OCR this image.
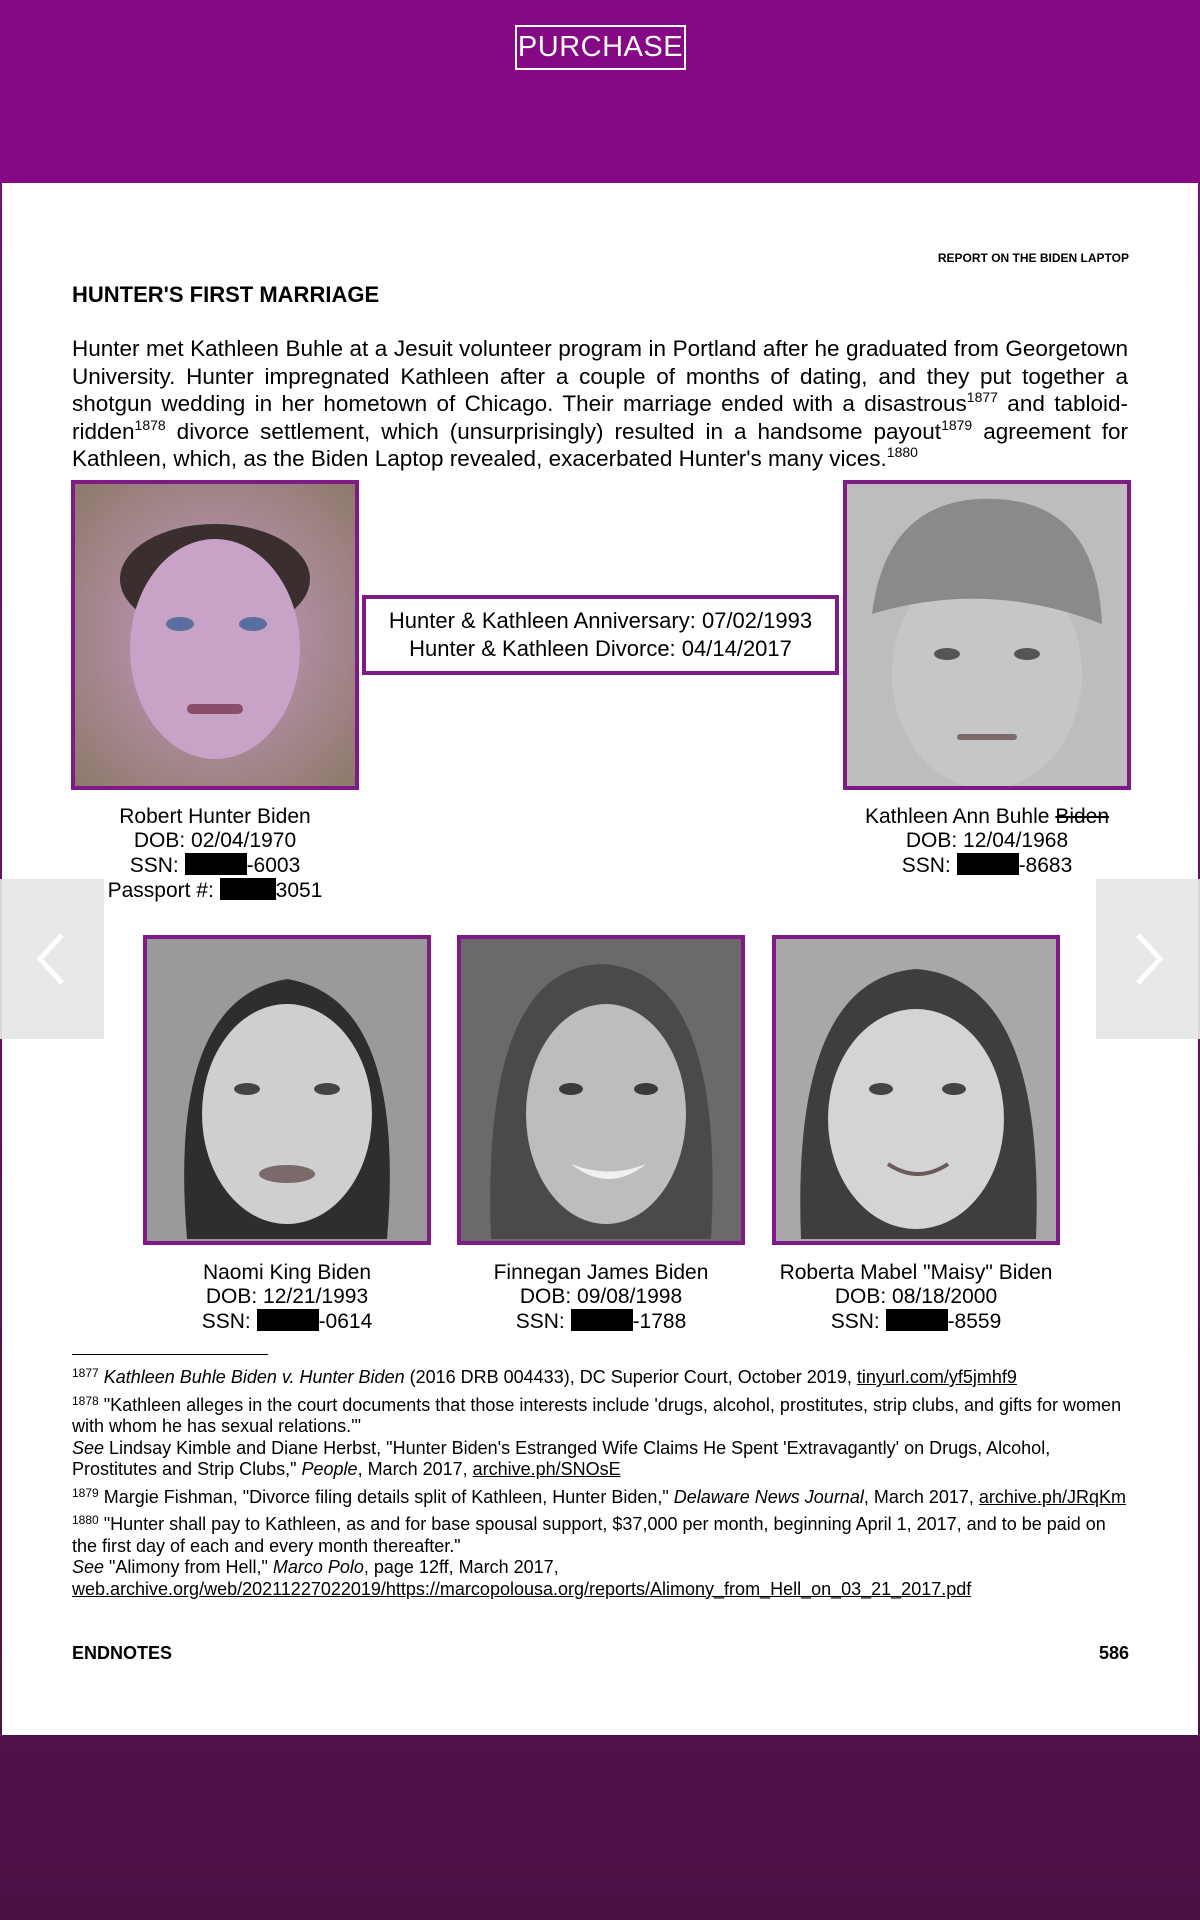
PURCHASE
REPORT ON THE BIDEN LAPTOP
HUNTER'S FIRST MARRIAGE
Hunter met Kathleen Buhle at a Jesuit volunteer program in Portland after he graduated from Georgetown University. Hunter impregnated Kathleen after a couple of months of dating, and they put together a shotgun wedding in her hometown of Chicago. Their marriage ended with a disastrous$^{1877}$ and tabloid-ridden$^{1878}$ divorce settlement, which (unsurprisingly) resulted in a handsome payout$^{1879}$ agreement for Kathleen, which, as the Biden Laptop revealed, exacerbated Hunter's many vices.$^{1880}$
Hunter & Kathleen Anniversary: 07/02/1993
Hunter & Kathleen Divorce: 04/14/2017
Robert Hunter Biden
DOB: 02/04/1970
SSN:	-6003
Passport #:	3051
Kathleen Ann Buhle Biden
DOB: 12/04/1968
SSN:	-8683
Naomi King Biden
DOB: 12/21/1993
SSN:	-0614
Finnegan James Biden
DOB: 09/08/1998
SSN:	-1788
Roberta Mabel "Maisy" Biden
DOB: 08/18/2000
SSN:	-8559
$^{1877}$ Kathleen Buhle Biden v. Hunter Biden (2016 DRB 004433), DC Superior Court, October 2019, tinyurl.com/yf5jmhf9
$^{1878}$ "Kathleen alleges in the court documents that those interests include 'drugs, alcohol, prostitutes, strip clubs, and gifts for women with whom he has sexual relations.'"
See Lindsay Kimble and Diane Herbst, "Hunter Biden's Estranged Wife Claims He Spent 'Extravagantly' on Drugs, Alcohol, Prostitutes and Strip Clubs," People, March 2017, archive.ph/SNOsE
$^{1879}$ Margie Fishman, "Divorce filing details split of Kathleen, Hunter Biden," Delaware News Journal, March 2017, archive.ph/JRqKm
$^{1880}$ "Hunter shall pay to Kathleen, as and for base spousal support, $37,000 per month, beginning April 1, 2017, and to be paid on the first day of each and every month thereafter."
See "Alimony from Hell," Marco Polo, page 12ff, March 2017,
web.archive.org/web/20211227022019/https://marcopolousa.org/reports/Alimony_from_Hell_on_03_21_2017.pdf
ENDNOTES	586
